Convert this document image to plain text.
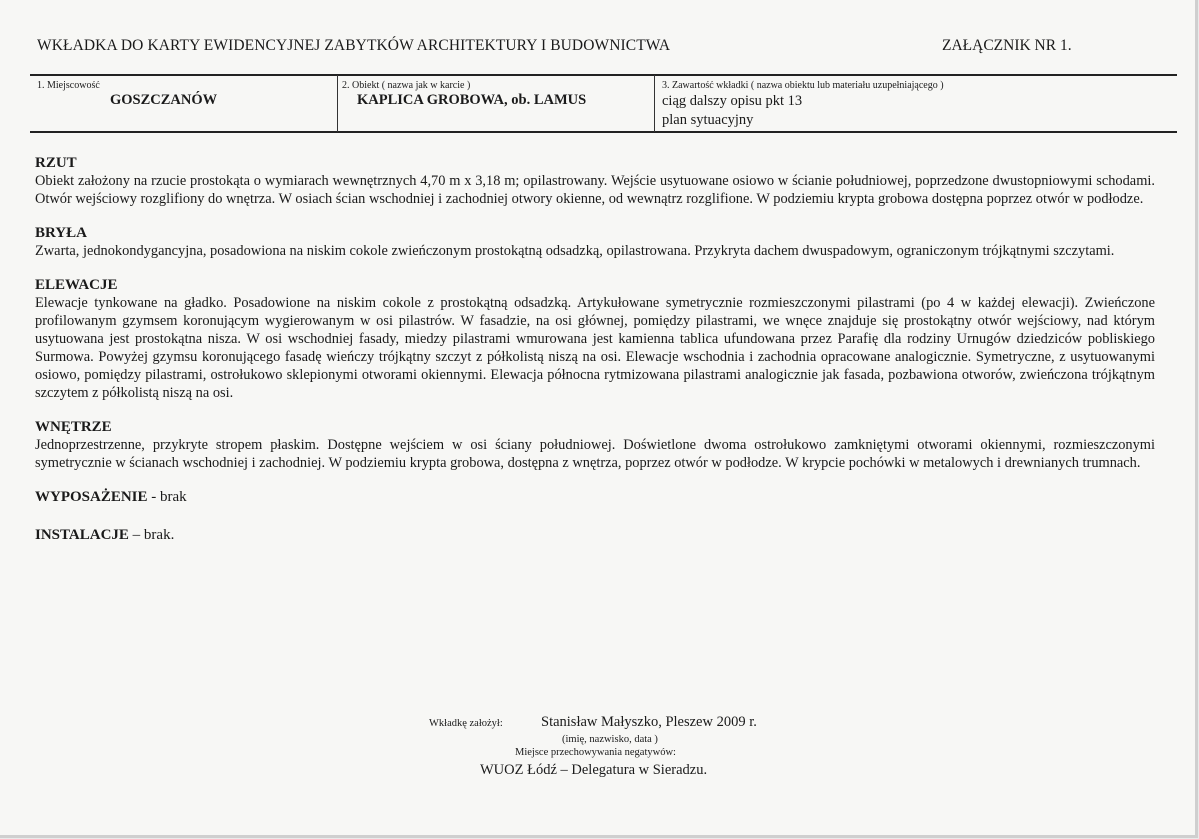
WKŁADKA DO KARTY EWIDENCYJNEJ ZABYTKÓW ARCHITEKTURY I BUDOWNICTWA	ZAŁĄCZNIK NR 1.
1. Miejscowość
GOSZCZANÓW
2. Obiekt ( nazwa jak w karcie )
KAPLICA GROBOWA, ob. LAMUS
3. Zawartość wkładki ( nazwa obiektu lub materiału uzupełniającego )
ciąg dalszy opisu pkt 13
plan sytuacyjny
RZUT

Obiekt założony na rzucie prostokąta o wymiarach wewnętrznych 4,70 m x 3,18 m; opilastrowany. Wejście usytuowane osiowo w ścianie południowej, poprzedzone dwustopniowymi schodami. Otwór wejściowy rozglifiony do wnętrza. W osiach ścian wschodniej i zachodniej otwory okienne, od wewnątrz rozglifione. W podziemiu krypta grobowa dostępna poprzez otwór w podłodze.

BRYŁA

Zwarta, jednokondygancyjna, posadowiona na niskim cokole zwieńczonym prostokątną odsadzką, opilastrowana. Przykryta dachem dwuspadowym, ograniczonym trójkątnymi szczytami.

ELEWACJE

Elewacje tynkowane na gładko. Posadowione na niskim cokole z prostokątną odsadzką. Artykułowane symetrycznie rozmieszczonymi pilastrami (po 4 w każdej elewacji). Zwieńczone profilowanym gzymsem koronującym wygierowanym w osi pilastrów. W fasadzie, na osi głównej, pomiędzy pilastrami, we wnęce znajduje się prostokątny otwór wejściowy, nad którym usytuowana jest prostokątna nisza. W osi wschodniej fasady, miedzy pilastrami wmurowana jest kamienna tablica ufundowana przez Parafię dla rodziny Urnugów dziedziców pobliskiego Surmowa. Powyżej gzymsu koronującego fasadę wieńczy trójkątny szczyt z półkolistą niszą na osi. Elewacje wschodnia i zachodnia opracowane analogicznie. Symetryczne, z usytuowanymi osiowo, pomiędzy pilastrami, ostrołukowo sklepionymi otworami okiennymi. Elewacja północna rytmizowana pilastrami analogicznie jak fasada, pozbawiona otworów, zwieńczona trójkątnym szczytem z półkolistą niszą na osi.

WNĘTRZE

Jednoprzestrzenne, przykryte stropem płaskim. Dostępne wejściem w osi ściany południowej. Doświetlone dwoma ostrołukowo zamkniętymi otworami okiennymi, rozmieszczonymi symetrycznie w ścianach wschodniej i zachodniej. W podziemiu krypta grobowa, dostępna z wnętrza, poprzez otwór w podłodze. W krypcie pochówki w metalowych i drewnianych trumnach.

WYPOSAŻENIE - brak
INSTALACJE – brak.
Wkładkę założył:	Stanisław Małyszko, Pleszew 2009 r.
(imię, nazwisko, data )
Miejsce przechowywania negatywów:
WUOZ Łódź – Delegatura w Sieradzu.
